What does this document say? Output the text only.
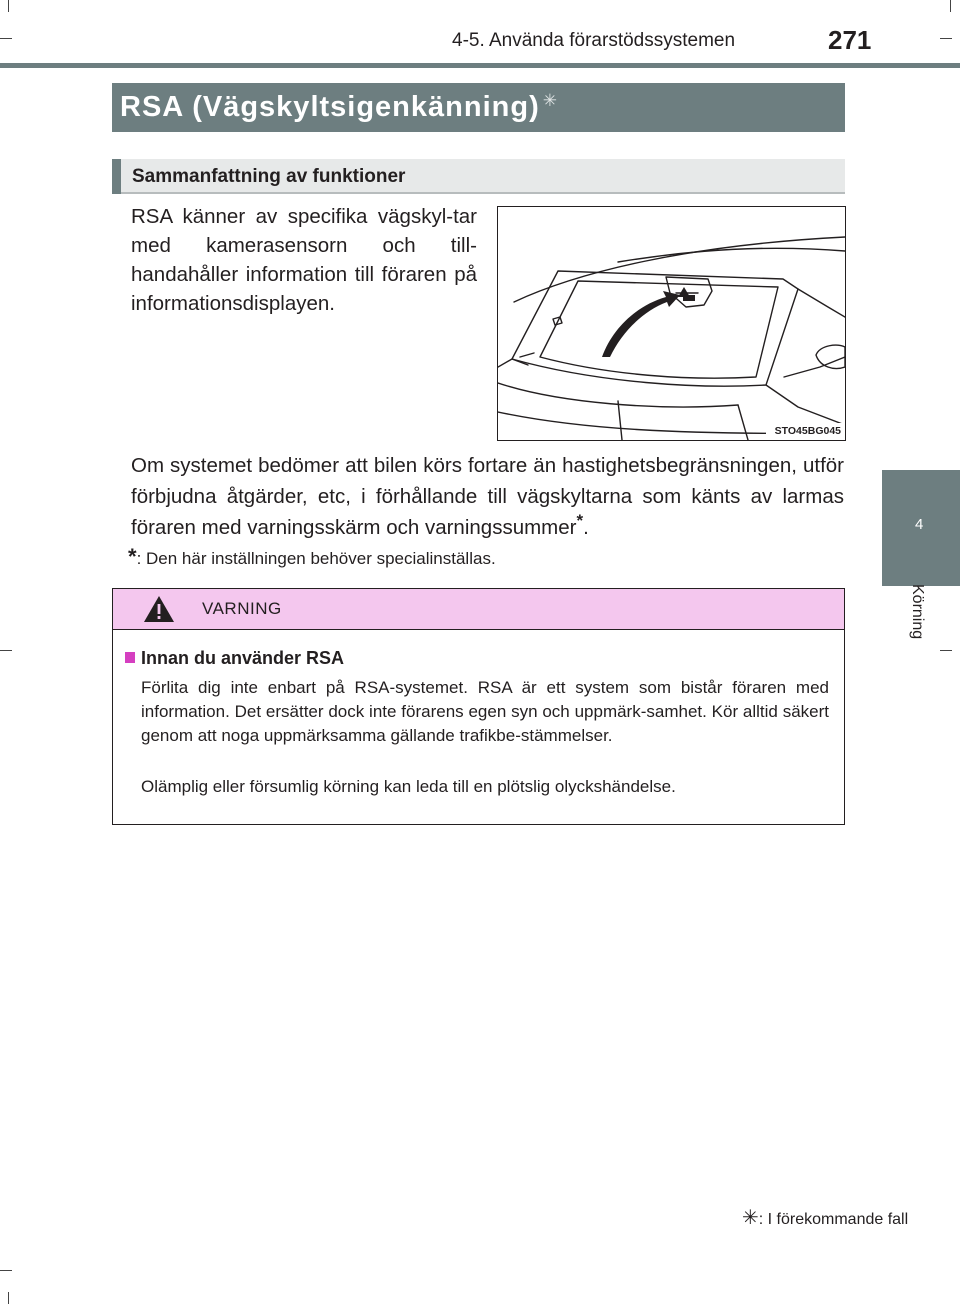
4-5. Använda förarstödssystemen	271
4
Körning
RSA (Vägskyltsigenkänning) ✳
Sammanfattning av funktioner
RSA känner av specifika vägskyl-tar med kamerasensorn och till-handahåller information till föraren på informationsdisplayen.
STO45BG045
Om systemet bedömer att bilen körs fortare än hastighetsbegränsningen, utför förbjudna åtgärder, etc, i förhållande till vägskyltarna som känts av larmas föraren med varningsskärm och varningssummer*.
*: Den här inställningen behöver specialinställas.
VARNING
Innan du använder RSA
Förlita dig inte enbart på RSA-systemet. RSA är ett system som bistår föraren med information. Det ersätter dock inte förarens egen syn och uppmärk-samhet. Kör alltid säkert genom att noga uppmärksamma gällande trafikbe-stämmelser.
Olämplig eller försumlig körning kan leda till en plötslig olyckshändelse.
✳: I förekommande fall
